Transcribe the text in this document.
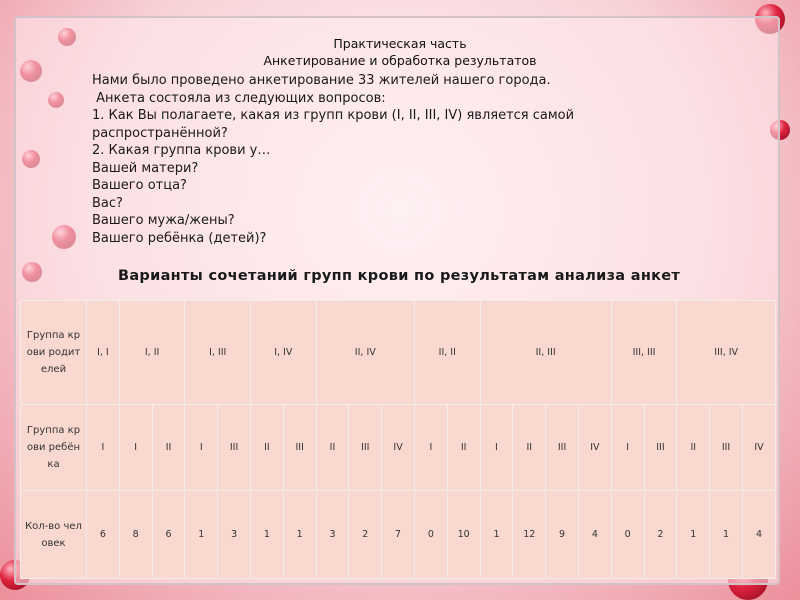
Практическая часть
Анкетирование и обработка результатов
Нами было проведено анкетирование 33 жителей нашего города.
Анкета состояла из следующих вопросов:
1. Как Вы полагаете, какая из групп крови (I, II, III, IV) является самой
распространённой?
2. Какая группа крови у…
Вашей матери?
Вашего отца?
Вас?
Вашего мужа/жены?
Вашего ребёнка (детей)?
Варианты сочетаний групп крови по результатам анализа анкет
Группа крови родителей	I, I	I, II		I, III		I, IV		II, IV			II, II		II, III				III, III		III, IV		
Группа крови ребёнка	I	I	II	I	III	II	III	II	III	IV	I	II	I	II	III	IV	I	III	II	III	IV
Кол-во человек	6	8	6	1	3	1	1	3	2	7	0	10	1	12	9	4	0	2	1	1	4
